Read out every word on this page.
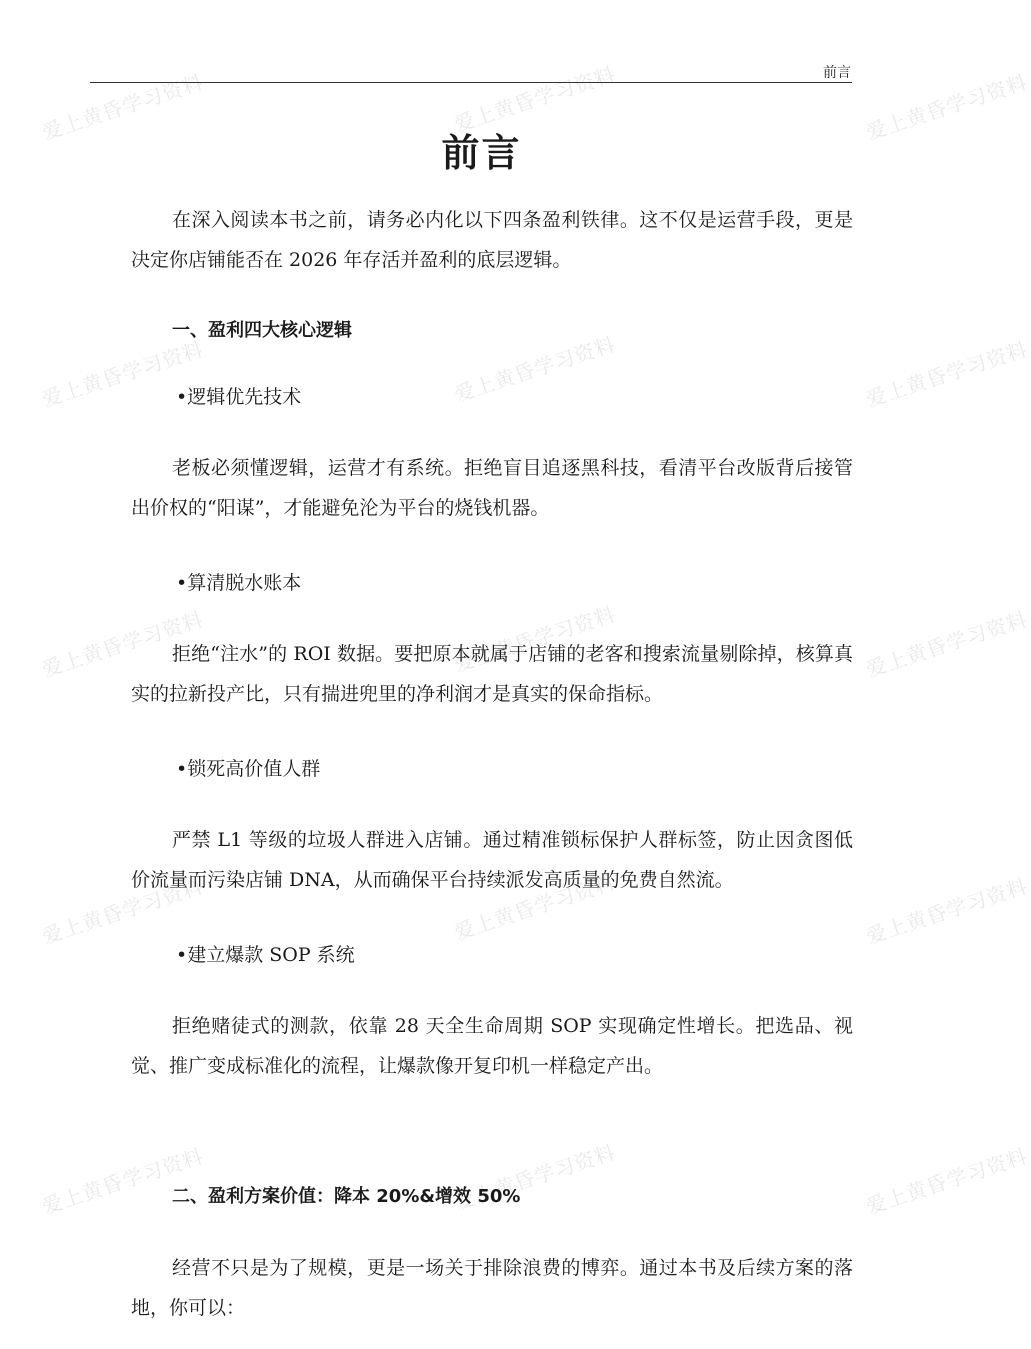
爱上黄昏学习资料	爱上黄昏学习资料	爱上黄昏学习资料
爱上黄昏学习资料	爱上黄昏学习资料	爱上黄昏学习资料
爱上黄昏学习资料	爱上黄昏学习资料	爱上黄昏学习资料
爱上黄昏学习资料	爱上黄昏学习资料	爱上黄昏学习资料
爱上黄昏学习资料	爱上黄昏学习资料	爱上黄昏学习资料
前言
前言

在深入阅读本书之前，请务必内化以下四条盈利铁律。这不仅是运营手段，更是决定你店铺能否在 2026 年存活并盈利的底层逻辑。

一、盈利四大核心逻辑

•逻辑优先技术

老板必须懂逻辑，运营才有系统。拒绝盲目追逐黑科技，看清平台改版背后接管出价权的“阳谋”，才能避免沦为平台的烧钱机器。

•算清脱水账本

拒绝“注水”的 ROI 数据。要把原本就属于店铺的老客和搜索流量剔除掉，核算真实的拉新投产比，只有揣进兜里的净利润才是真实的保命指标。

•锁死高价值人群

严禁 L1 等级的垃圾人群进入店铺。通过精准锁标保护人群标签，防止因贪图低价流量而污染店铺 DNA，从而确保平台持续派发高质量的免费自然流。

•建立爆款 SOP 系统

拒绝赌徒式的测款，依靠 28 天全生命周期 SOP 实现确定性增长。把选品、视觉、推广变成标准化的流程，让爆款像开复印机一样稳定产出。

二、盈利方案价值：降本 20%&增效 50%

经营不只是为了规模，更是一场关于排除浪费的博弈。通过本书及后续方案的落地，你可以：
